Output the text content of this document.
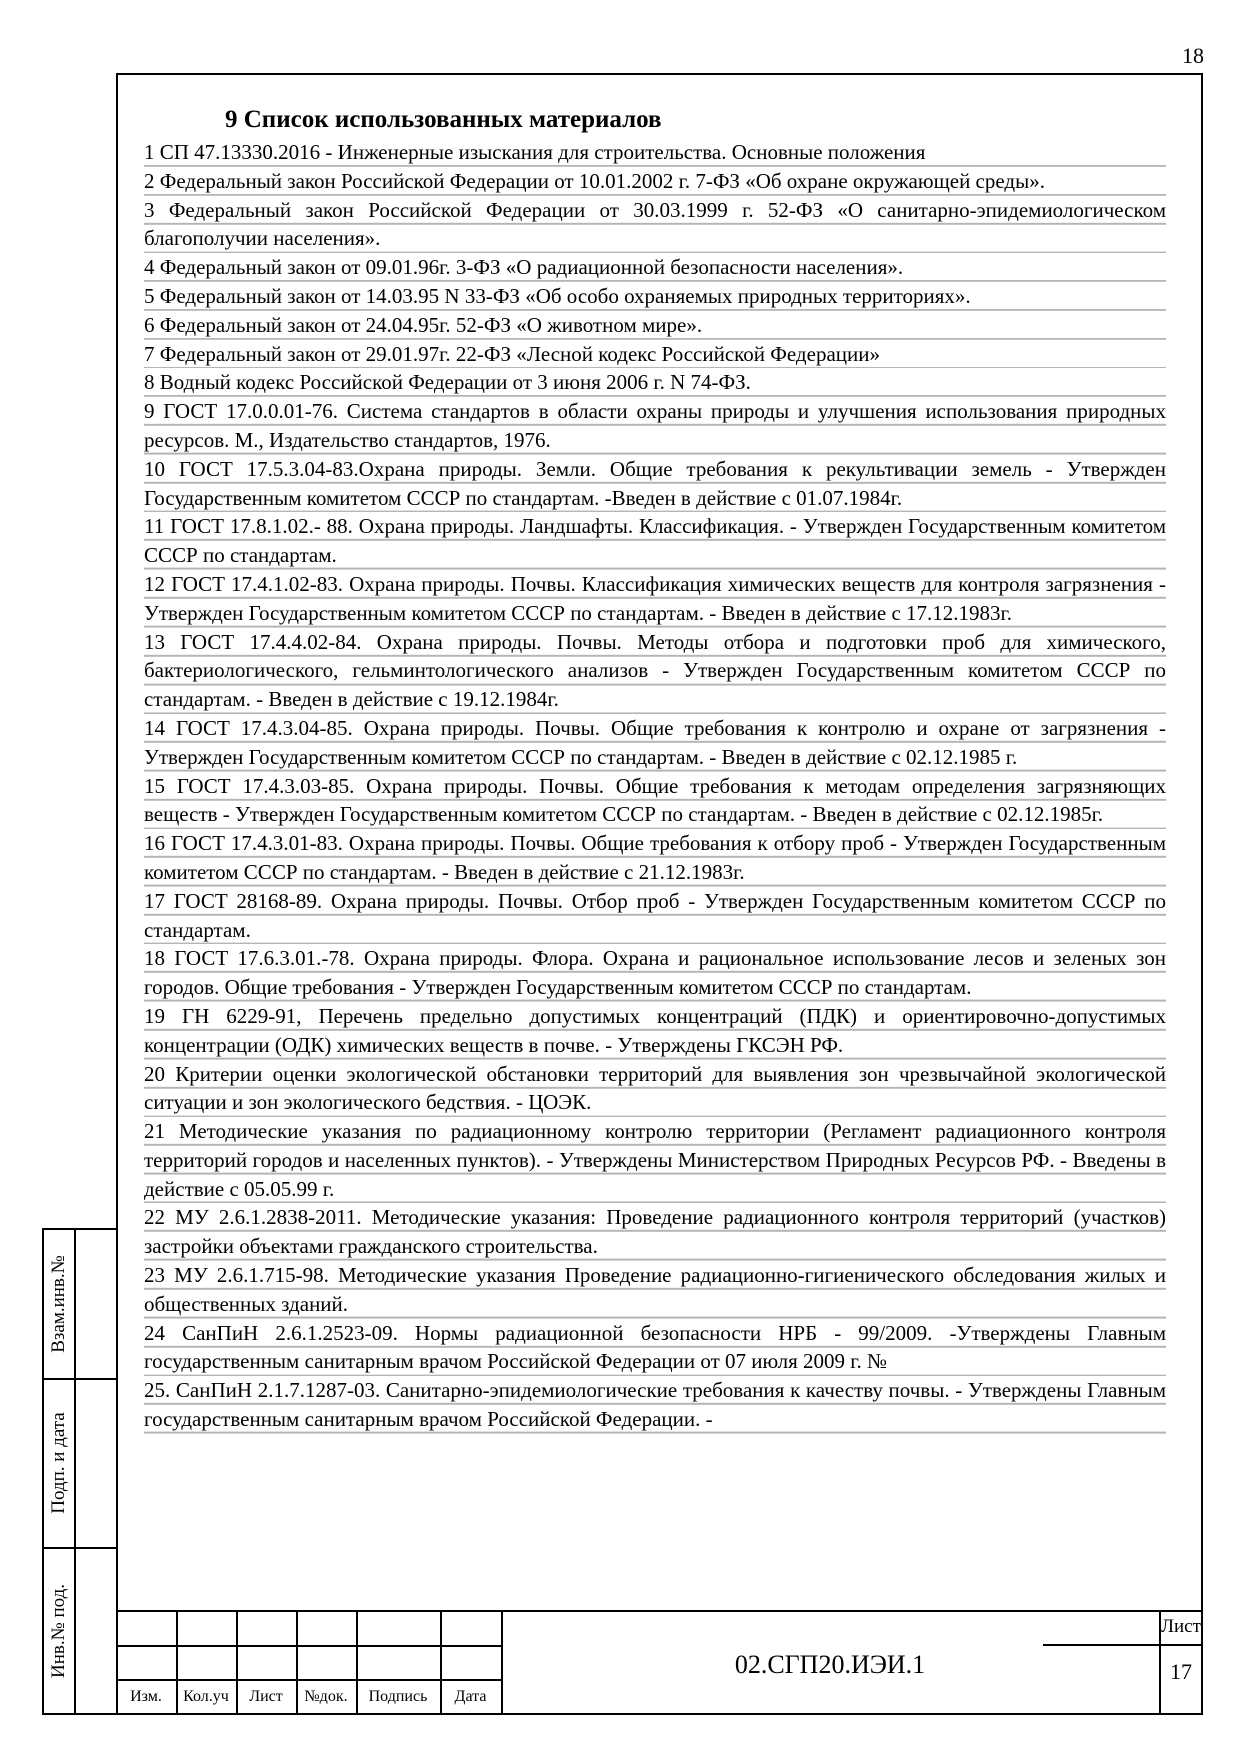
18
9 Список использованных материалов
1 СП 47.13330.2016 - Инженерные изыскания для строительства. Основные положения
2 Федеральный закон Российской Федерации от 10.01.2002 г. 7-ФЗ «Об охране окружающей среды».
3 Федеральный закон Российской Федерации от 30.03.1999 г. 52-ФЗ «О санитарно-эпидемиологическом благополучии населения».
4 Федеральный закон от 09.01.96г. 3-ФЗ «О радиационной безопасности населения».
5 Федеральный закон от 14.03.95 N 33-ФЗ «Об особо охраняемых природных территориях».
6 Федеральный закон от 24.04.95г. 52-ФЗ «О животном мире».
7 Федеральный закон от 29.01.97г. 22-ФЗ «Лесной кодекс Российской Федерации»
8 Водный кодекс Российской Федерации от 3 июня 2006 г. N 74-ФЗ.
9 ГОСТ 17.0.0.01-76. Система стандартов в области охраны природы и улучшения использования природных ресурсов. М., Издательство стандартов, 1976.
10 ГОСТ 17.5.3.04-83.Охрана природы. Земли. Общие требования к рекультивации земель - Утвержден Государственным комитетом СССР по стандартам. -Введен в действие с 01.07.1984г.
11 ГОСТ 17.8.1.02.- 88. Охрана природы. Ландшафты. Классификация. - Утвержден Государственным комитетом СССР по стандартам.
12 ГОСТ 17.4.1.02-83. Охрана природы. Почвы. Классификация химических веществ для контроля загрязнения - Утвержден Государственным комитетом СССР по стандартам. - Введен в действие с 17.12.1983г.
13 ГОСТ 17.4.4.02-84. Охрана природы. Почвы. Методы отбора и подготовки проб для химического, бактериологического, гельминтологического анализов - Утвержден Государственным комитетом СССР по стандартам. - Введен в действие с 19.12.1984г.
14 ГОСТ 17.4.3.04-85. Охрана природы. Почвы. Общие требования к контролю и охране от загрязнения - Утвержден Государственным комитетом СССР по стандартам. - Введен в действие с 02.12.1985 г.
15 ГОСТ 17.4.3.03-85. Охрана природы. Почвы. Общие требования к методам определения загрязняющих веществ - Утвержден Государственным комитетом СССР по стандартам. - Введен в действие с 02.12.1985г.
16 ГОСТ 17.4.3.01-83. Охрана природы. Почвы. Общие требования к отбору проб - Утвержден Государственным комитетом СССР по стандартам. - Введен в действие с 21.12.1983г.
17 ГОСТ 28168-89. Охрана природы. Почвы. Отбор проб - Утвержден Государственным комитетом СССР по стандартам.
18 ГОСТ 17.6.3.01.-78. Охрана природы. Флора. Охрана и рациональное использование лесов и зеленых зон городов. Общие требования - Утвержден Государственным комитетом СССР по стандартам.
19 ГН 6229-91, Перечень предельно допустимых концентраций (ПДК) и ориентировочно-допустимых концентрации (ОДК) химических веществ в почве. - Утверждены ГКСЭН РФ.
20 Критерии оценки экологической обстановки территорий для выявления зон чрезвычайной экологической ситуации и зон экологического бедствия. - ЦОЭК.
21 Методические указания по радиационному контролю территории (Регламент радиационного контроля территорий городов и населенных пунктов). - Утверждены Министерством Природных Ресурсов РФ. - Введены в действие с 05.05.99 г.
22 МУ 2.6.1.2838-2011. Методические указания: Проведение радиационного контроля территорий (участков) застройки объектами гражданского строительства.
23 МУ 2.6.1.715-98. Методические указания Проведение радиационно-гигиенического обследования жилых и общественных зданий.
24 СанПиН 2.6.1.2523-09. Нормы радиационной безопасности НРБ - 99/2009. -Утверждены Главным государственным санитарным врачом Российской Федерации от 07 июля 2009 г. №
25. СанПиН 2.1.7.1287-03. Санитарно-эпидемиологические требования к качеству почвы. - Утверждены Главным государственным санитарным врачом Российской Федерации. -
Взам.инв.№
Подп. и дата
Инв.№ под.
Изм.	Кол.уч	Лист	№док.	Подпись	Дата
02.СГП20.ИЭИ.1
Лист
17
